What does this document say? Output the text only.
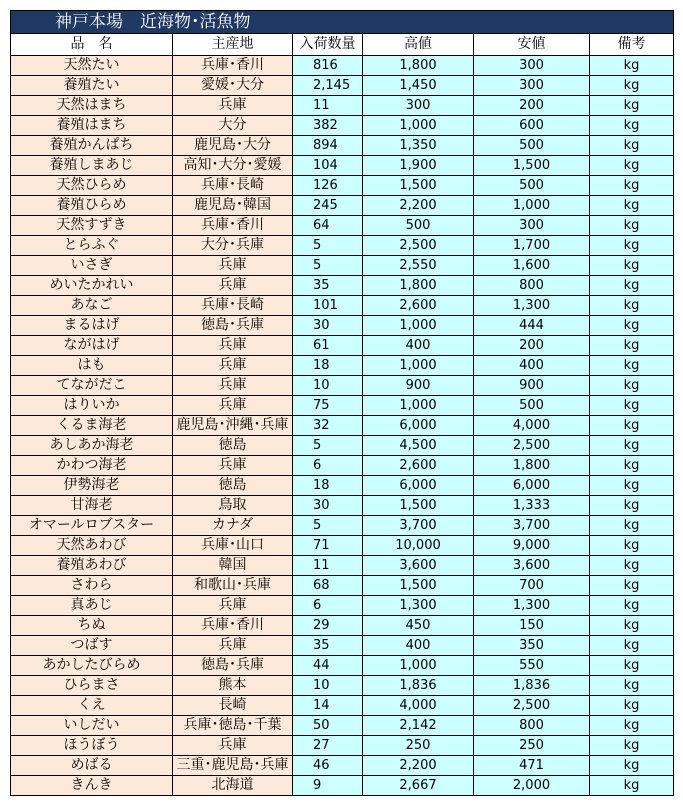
神戸本場　近海物･活魚物
品　名	主産地	入荷数量	高値	安値	備考
天然たい	兵庫･香川	816	1,800	300	kg
養殖たい	愛媛･大分	2,145	1,450	300	kg
天然はまち	兵庫	11	300	200	kg
養殖はまち	大分	382	1,000	600	kg
養殖かんぱち	鹿児島･大分	894	1,350	500	kg
養殖しまあじ	高知･大分･愛媛	104	1,900	1,500	kg
天然ひらめ	兵庫･長崎	126	1,500	500	kg
養殖ひらめ	鹿児島･韓国	245	2,200	1,000	kg
天然すずき	兵庫･香川	64	500	300	kg
とらふぐ	大分･兵庫	5	2,500	1,700	kg
いさぎ	兵庫	5	2,550	1,600	kg
めいたかれい	兵庫	35	1,800	800	kg
あなご	兵庫･長崎	101	2,600	1,300	kg
まるはげ	徳島･兵庫	30	1,000	444	kg
ながはげ	兵庫	61	400	200	kg
はも	兵庫	18	1,000	400	kg
てながだこ	兵庫	10	900	900	kg
はりいか	兵庫	75	1,000	500	kg
くるま海老	鹿児島･沖縄･兵庫	32	6,000	4,000	kg
あしあか海老	徳島	5	4,500	2,500	kg
かわつ海老	兵庫	6	2,600	1,800	kg
伊勢海老	徳島	18	6,000	6,000	kg
甘海老	鳥取	30	1,500	1,333	kg
オマールロブスター	カナダ	5	3,700	3,700	kg
天然あわび	兵庫･山口	71	10,000	9,000	kg
養殖あわび	韓国	11	3,600	3,600	kg
さわら	和歌山･兵庫	68	1,500	700	kg
真あじ	兵庫	6	1,300	1,300	kg
ちぬ	兵庫･香川	29	450	150	kg
つばす	兵庫	35	400	350	kg
あかしたびらめ	徳島･兵庫	44	1,000	550	kg
ひらまさ	熊本	10	1,836	1,836	kg
くえ	長崎	14	4,000	2,500	kg
いしだい	兵庫･徳島･千葉	50	2,142	800	kg
ほうぼう	兵庫	27	250	250	kg
めばる	三重･鹿児島･兵庫	46	2,200	471	kg
きんき	北海道	9	2,667	2,000	kg
